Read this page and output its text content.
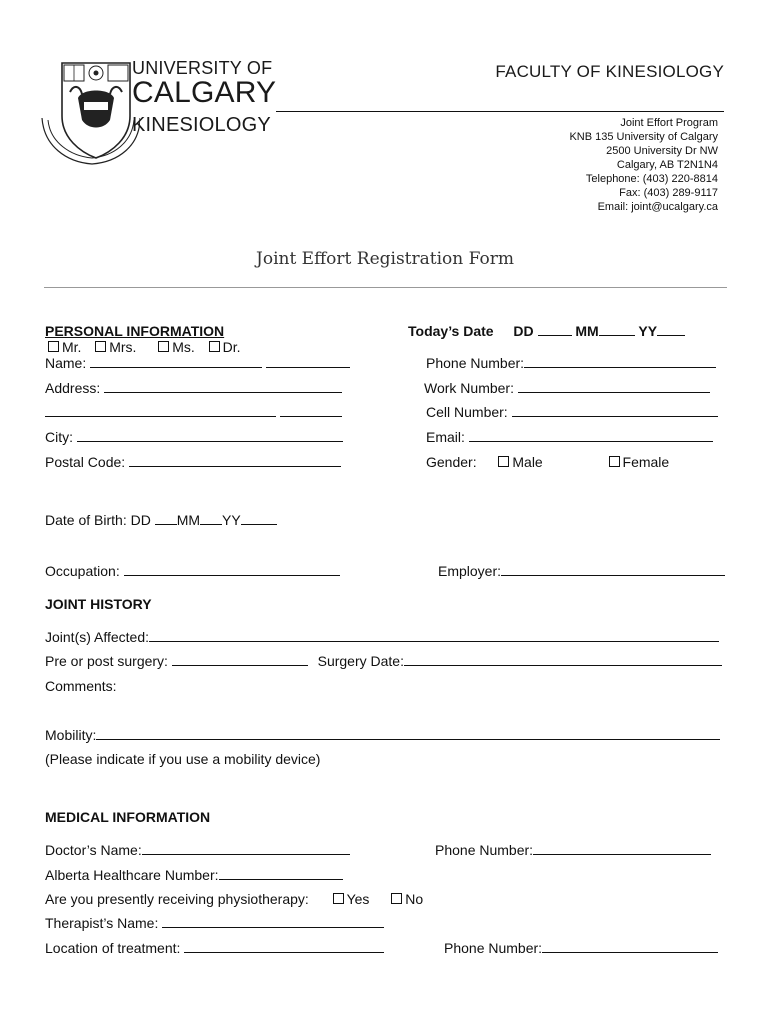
UNIVERSITY OF
CALGARY
KINESIOLOGY
FACULTY OF KINESIOLOGY
Joint Effort Program
KNB 135 University of Calgary
2500 University Dr NW
Calgary, AB T2N1N4
Telephone: (403) 220-8814
Fax: (403) 289-9117
Email: joint@ucalgary.ca
Joint Effort Registration Form
PERSONAL INFORMATION	Today’s Date DD	MM	YY
Mr. Mrs.	Ms. Dr.
Name:	Phone Number:
Address:	Work Number:

Cell Number:
City:	Email:
Postal Code:	Gender:	Male	Female
Date of Birth: DD MM YY
Occupation:	Employer:
JOINT HISTORY
Joint(s) Affected:
Pre or post surgery:	Surgery Date:
Comments:
Mobility:
(Please indicate if you use a mobility device)
MEDICAL INFORMATION
Doctor’s Name:	Phone Number:
Alberta Healthcare Number:
Are you presently receiving physiotherapy:	Yes	No
Therapist’s Name:
Location of treatment:	Phone Number:
